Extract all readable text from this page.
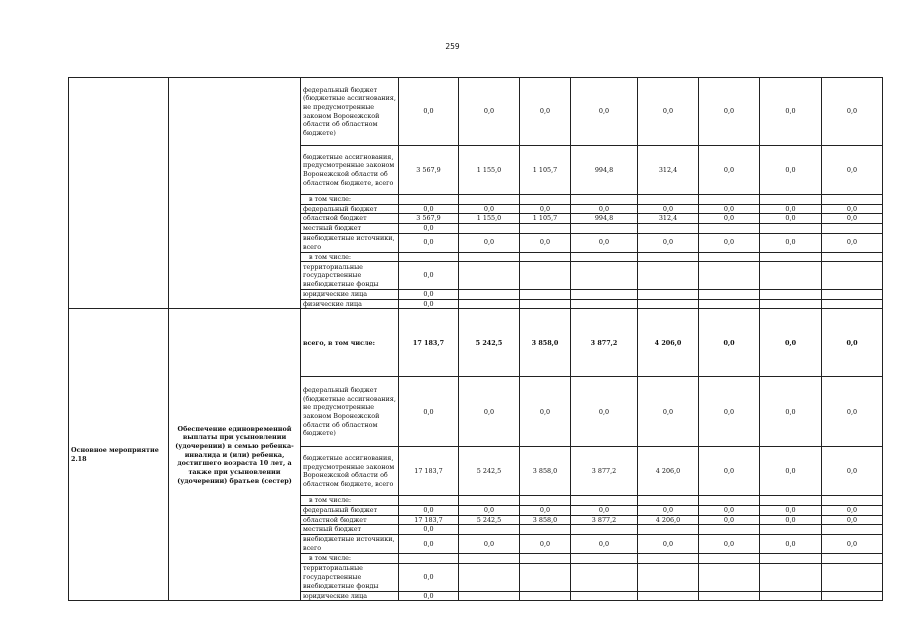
259
		федеральный бюджет (бюджетные ассигнования, не предусмотренные законом Воронежской области об областном бюджете)	0,0	0,0	0,0	0,0	0,0	0,0	0,0	0,0
		бюджетные ассигнования, предусмотренные законом Воронежской области об областном бюджете, всего	3 567,9	1 155,0	1 105,7	994,8	312,4	0,0	0,0	0,0
		в том числе:								
		федеральный бюджет	0,0	0,0	0,0	0,0	0,0	0,0	0,0	0,0
		областной бюджет	3 567,9	1 155,0	1 105,7	994,8	312,4	0,0	0,0	0,0
		местный бюджет	0,0							
		внебюджетные источники, всего	0,0	0,0	0,0	0,0	0,0	0,0	0,0	0,0
		в том числе:								
		территориальные государственные внебюджетные фонды	0,0							
		юридические лица	0,0							
		физические лица	0,0							
Основное мероприятие 2.18	Обеспечение единовременной выплаты при усыновлении (удочерении) в семью ребенка-инвалида и (или) ребенка, достигшего возраста 10 лет, а также при усыновлении (удочерении) братьев (сестер)	всего, в том числе:	17 183,7	5 242,5	3 858,0	3 877,2	4 206,0	0,0	0,0	0,0
		федеральный бюджет (бюджетные ассигнования, не предусмотренные законом Воронежской области об областном бюджете)	0,0	0,0	0,0	0,0	0,0	0,0	0,0	0,0
		бюджетные ассигнования, предусмотренные законом Воронежской области об областном бюджете, всего	17 183,7	5 242,5	3 858,0	3 877,2	4 206,0	0,0	0,0	0,0
		в том числе:								
		федеральный бюджет	0,0	0,0	0,0	0,0	0,0	0,0	0,0	0,0
		областной бюджет	17 183,7	5 242,5	3 858,0	3 877,2	4 206,0	0,0	0,0	0,0
		местный бюджет	0,0							
		внебюджетные источники, всего	0,0	0,0	0,0	0,0	0,0	0,0	0,0	0,0
		в том числе:								
		территориальные государственные внебюджетные фонды	0,0							
		юридические лица	0,0							
